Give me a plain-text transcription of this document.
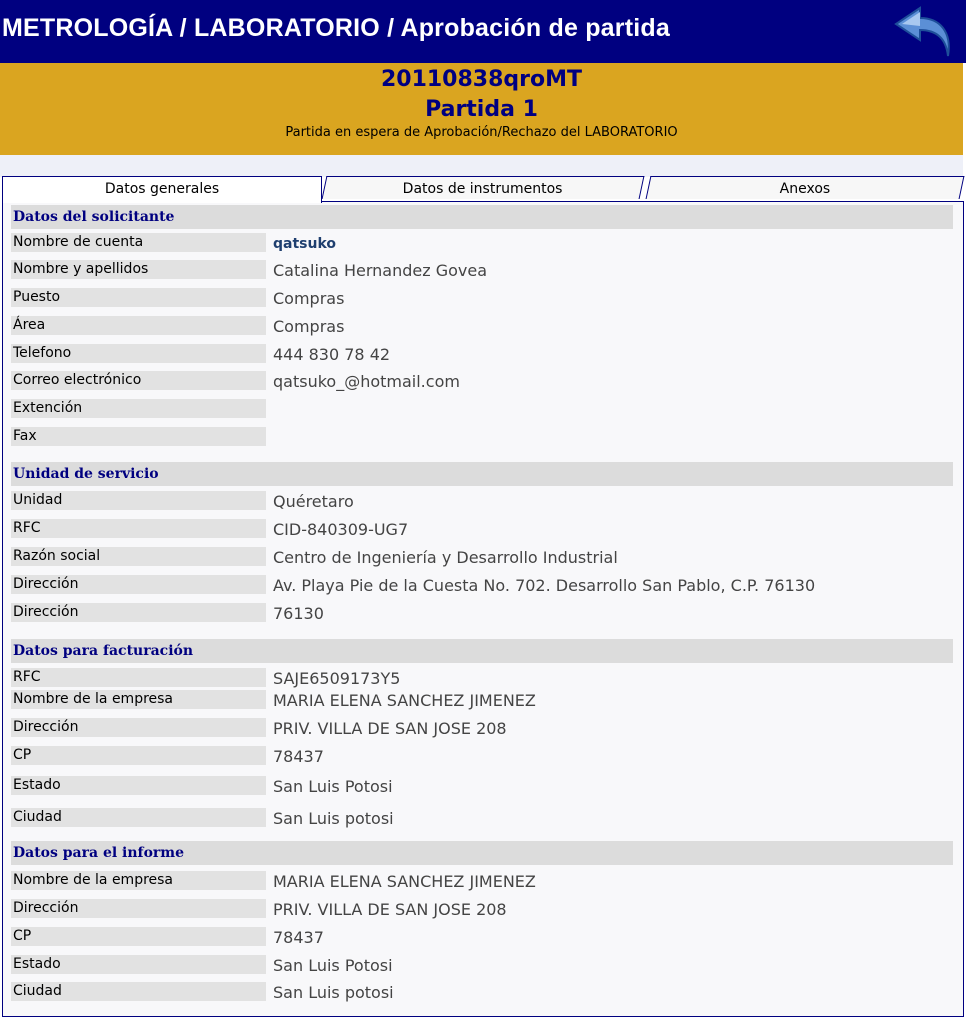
METROLOGÍA / LABORATORIO / Aprobación de partida
20110838qroMT
Partida 1
Partida en espera de Aprobación/Rechazo del LABORATORIO
Datos generales	Datos de instrumentos	Anexos
Datos del solicitante
Nombre de cuenta	qatsuko
Nombre y apellidos	Catalina Hernandez Govea
Puesto	Compras
Área	Compras
Telefono	444 830 78 42
Correo electrónico	qatsuko_@hotmail.com
Extención
Fax
Unidad de servicio
Unidad	Quéretaro
RFC	CID-840309-UG7
Razón social	Centro de Ingeniería y Desarrollo Industrial
Dirección	Av. Playa Pie de la Cuesta No. 702. Desarrollo San Pablo, C.P. 76130
Dirección	76130
Datos para facturación
RFC	SAJE6509173Y5
Nombre de la empresa	MARIA ELENA SANCHEZ JIMENEZ
Dirección	PRIV. VILLA DE SAN JOSE 208
CP	78437
Estado	San Luis Potosi
Ciudad	San Luis potosi
Datos para el informe
Nombre de la empresa	MARIA ELENA SANCHEZ JIMENEZ
Dirección	PRIV. VILLA DE SAN JOSE 208
CP	78437
Estado	San Luis Potosi
Ciudad	San Luis potosi
